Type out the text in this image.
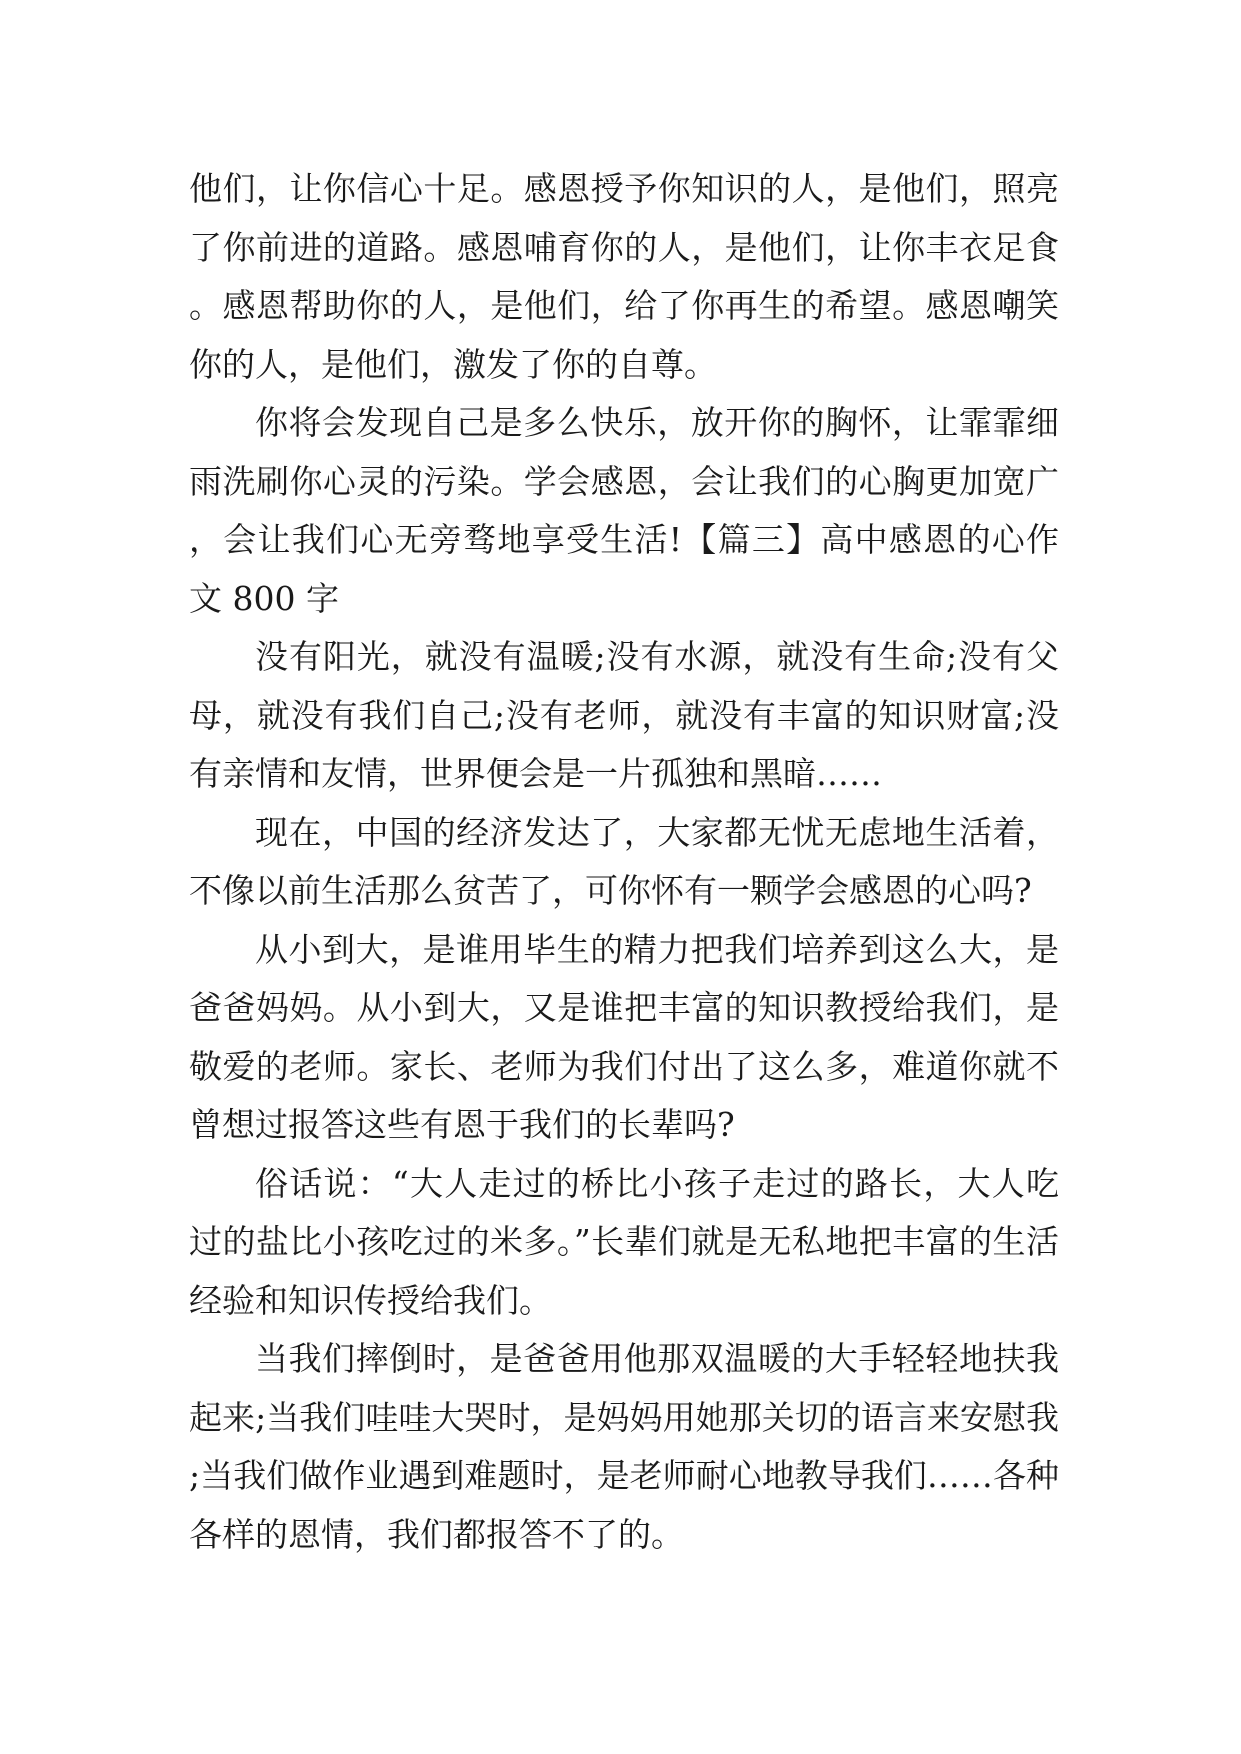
他们，让你信心十足。感恩授予你知识的人，是他们，照亮了你前进的道路。感恩哺育你的人，是他们，让你丰衣足食。感恩帮助你的人，是他们，给了你再生的希望。感恩嘲笑你的人，是他们，激发了你的自尊。

你将会发现自己是多么快乐，放开你的胸怀，让霏霏细雨洗刷你心灵的污染。学会感恩，会让我们的心胸更加宽广，会让我们心无旁骛地享受生活!【篇三】高中感恩的心作文 800 字

没有阳光，就没有温暖;没有水源，就没有生命;没有父母，就没有我们自己;没有老师，就没有丰富的知识财富;没有亲情和友情，世界便会是一片孤独和黑暗……

现在，中国的经济发达了，大家都无忧无虑地生活着，不像以前生活那么贫苦了，可你怀有一颗学会感恩的心吗?

从小到大，是谁用毕生的精力把我们培养到这么大，是爸爸妈妈。从小到大，又是谁把丰富的知识教授给我们，是敬爱的老师。家长、老师为我们付出了这么多，难道你就不曾想过报答这些有恩于我们的长辈吗?

俗话说：“大人走过的桥比小孩子走过的路长，大人吃过的盐比小孩吃过的米多。”长辈们就是无私地把丰富的生活经验和知识传授给我们。

当我们摔倒时，是爸爸用他那双温暖的大手轻轻地扶我起来;当我们哇哇大哭时，是妈妈用她那关切的语言来安慰我;当我们做作业遇到难题时，是老师耐心地教导我们……各种各样的恩情，我们都报答不了的。
